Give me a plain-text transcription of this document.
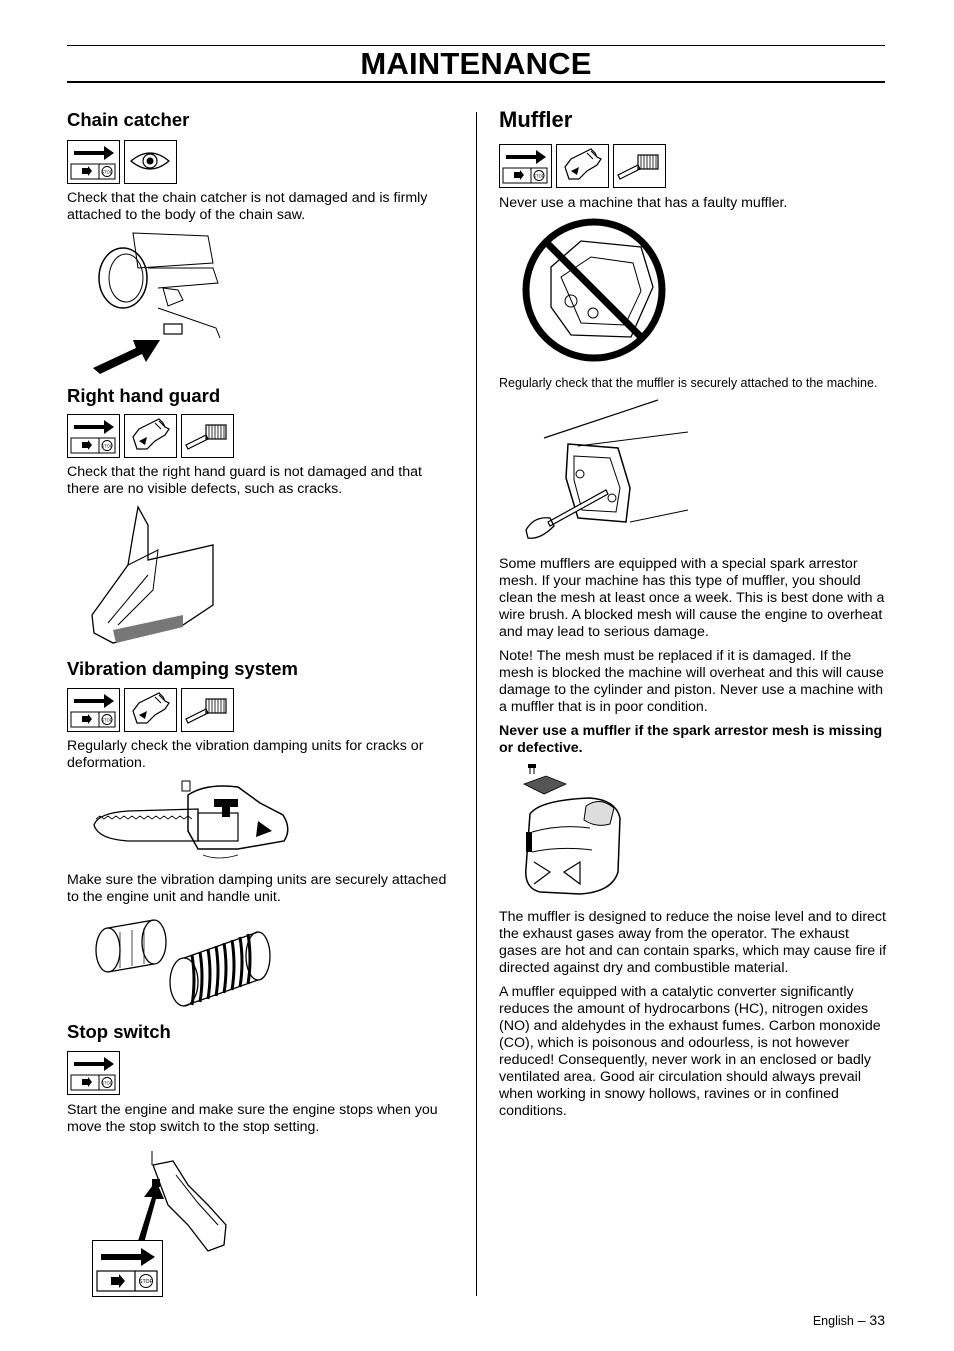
MAINTENANCE
Chain catcher
STOP

Check that the chain catcher is not damaged and is firmly attached to the body of the chain saw.

Right hand guard
STOP

Check that the right hand guard is not damaged and that there are no visible defects, such as cracks.

Vibration damping system
STOP

Regularly check the vibration damping units for cracks or deformation.

Make sure the vibration damping units are securely attached to the engine unit and handle unit.

Stop switch
STOP

Start the engine and make sure the engine stops when you move the stop switch to the stop setting.

STOP
Muffler
STOP

Never use a machine that has a faulty muffler.

Regularly check that the muffler is securely attached to the machine.

Some mufflers are equipped with a special spark arrestor mesh. If your machine has this type of muffler, you should clean the mesh at least once a week. This is best done with a wire brush. A blocked mesh will cause the engine to overheat and may lead to serious damage.

Note! The mesh must be replaced if it is damaged. If the mesh is blocked the machine will overheat and this will cause damage to the cylinder and piston. Never use a machine with a muffler that is in poor condition.

Never use a muffler if the spark arrestor mesh is missing or defective.

The muffler is designed to reduce the noise level and to direct the exhaust gases away from the operator. The exhaust gases are hot and can contain sparks, which may cause fire if directed against dry and combustible material.

A muffler equipped with a catalytic converter significantly reduces the amount of hydrocarbons (HC), nitrogen oxides (NO) and aldehydes in the exhaust fumes. Carbon monoxide (CO), which is poisonous and odourless, is not however reduced! Consequently, never work in an enclosed or badly ventilated area. Good air circulation should always prevail when working in snowy hollows, ravines or in confined conditions.

English – 33
